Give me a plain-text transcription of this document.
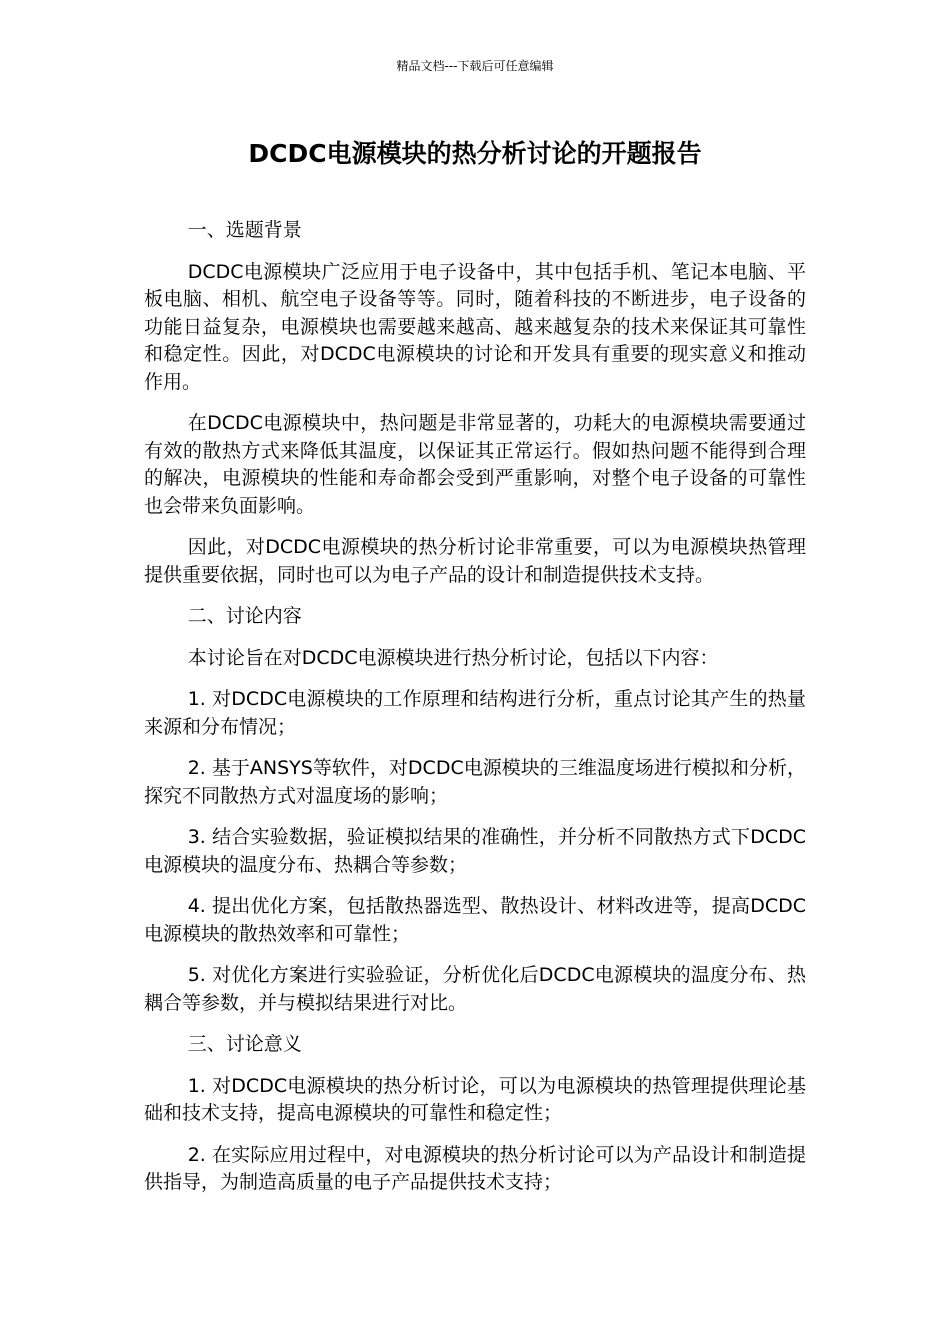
精品文档---下载后可任意编辑
DCDC电源模块的热分析讨论的开题报告

一、选题背景

DCDC电源模块广泛应用于电子设备中，其中包括手机、笔记本电脑、平板电脑、相机、航空电子设备等等。同时，随着科技的不断进步，电子设备的功能日益复杂，电源模块也需要越来越高、越来越复杂的技术来保证其可靠性和稳定性。因此，对DCDC电源模块的讨论和开发具有重要的现实意义和推动作用。

在DCDC电源模块中，热问题是非常显著的，功耗大的电源模块需要通过有效的散热方式来降低其温度，以保证其正常运行。假如热问题不能得到合理的解决，电源模块的性能和寿命都会受到严重影响，对整个电子设备的可靠性也会带来负面影响。

因此，对DCDC电源模块的热分析讨论非常重要，可以为电源模块热管理提供重要依据，同时也可以为电子产品的设计和制造提供技术支持。

二、讨论内容

本讨论旨在对DCDC电源模块进行热分析讨论，包括以下内容：

1. 对DCDC电源模块的工作原理和结构进行分析，重点讨论其产生的热量来源和分布情况；

2. 基于ANSYS等软件，对DCDC电源模块的三维温度场进行模拟和分析，探究不同散热方式对温度场的影响；

3. 结合实验数据，验证模拟结果的准确性，并分析不同散热方式下DCDC电源模块的温度分布、热耦合等参数；

4. 提出优化方案，包括散热器选型、散热设计、材料改进等，提高DCDC电源模块的散热效率和可靠性；

5. 对优化方案进行实验验证，分析优化后DCDC电源模块的温度分布、热耦合等参数，并与模拟结果进行对比。

三、讨论意义

1. 对DCDC电源模块的热分析讨论，可以为电源模块的热管理提供理论基础和技术支持，提高电源模块的可靠性和稳定性；

2. 在实际应用过程中，对电源模块的热分析讨论可以为产品设计和制造提供指导，为制造高质量的电子产品提供技术支持；
